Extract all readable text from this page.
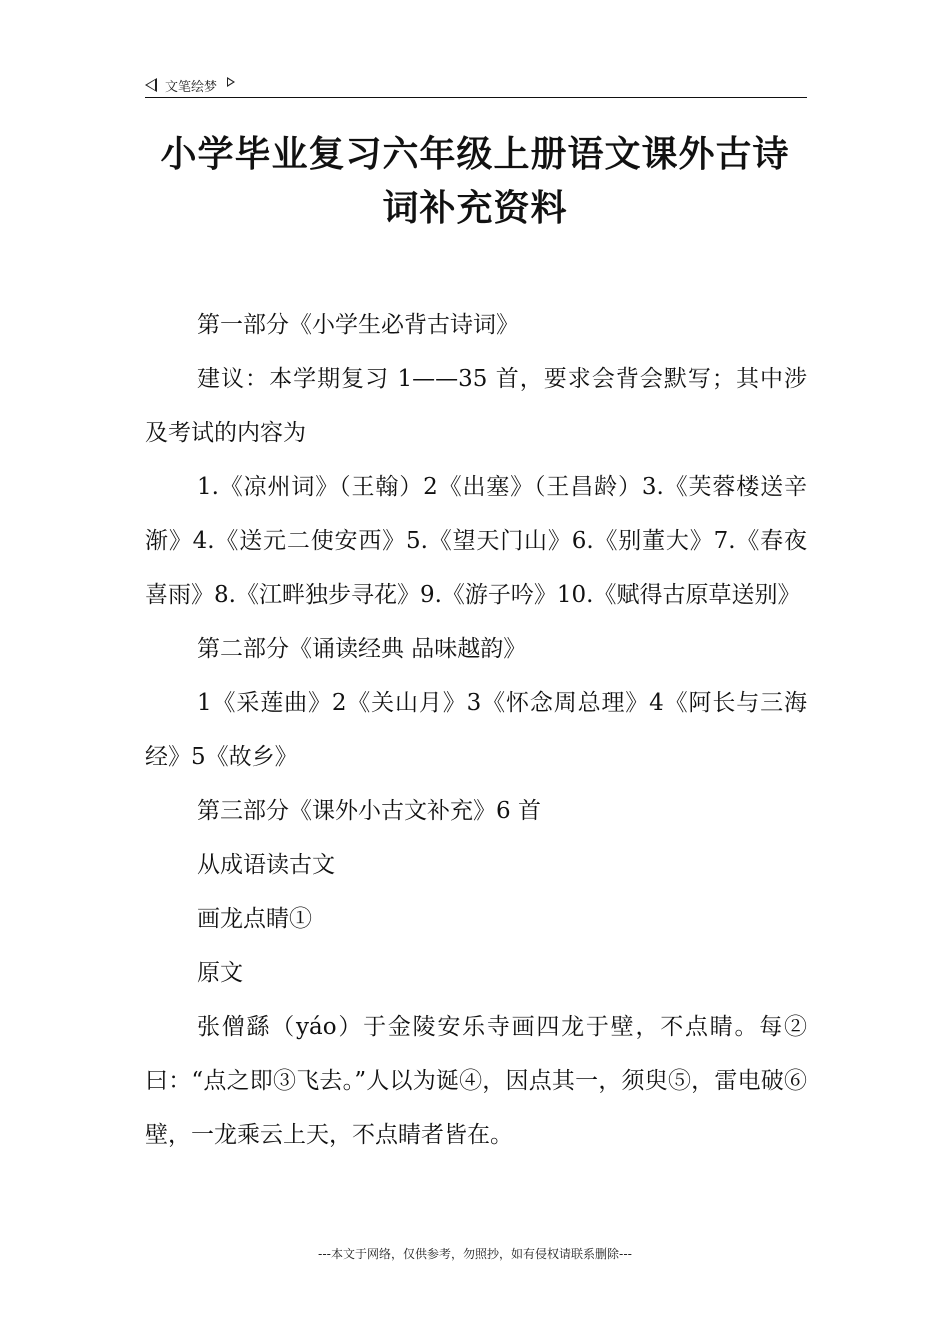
文笔绘梦
小学毕业复习六年级上册语文课外古诗
词补充资料

第一部分《小学生必背古诗词》

建议：本学期复习 1——35 首，要求会背会默写；其中涉及考试的内容为

1.《凉州词》（王翰）2《出塞》（王昌龄）3.《芙蓉楼送辛渐》4.《送元二使安西》5.《望天门山》6.《别董大》7.《春夜喜雨》8.《江畔独步寻花》9.《游子吟》10.《赋得古原草送别》

第二部分《诵读经典 品味越韵》

1《采莲曲》2《关山月》3《怀念周总理》4《阿长与三海经》5《故乡》

第三部分《课外小古文补充》6 首

从成语读古文

画龙点睛①

原文

张僧繇（yáo）于金陵安乐寺画四龙于壁，不点睛。每②曰：“点之即③飞去。”人以为诞④，因点其一，须臾⑤，雷电破⑥壁，一龙乘云上天，不点睛者皆在。

---本文于网络，仅供参考，勿照抄，如有侵权请联系删除---
